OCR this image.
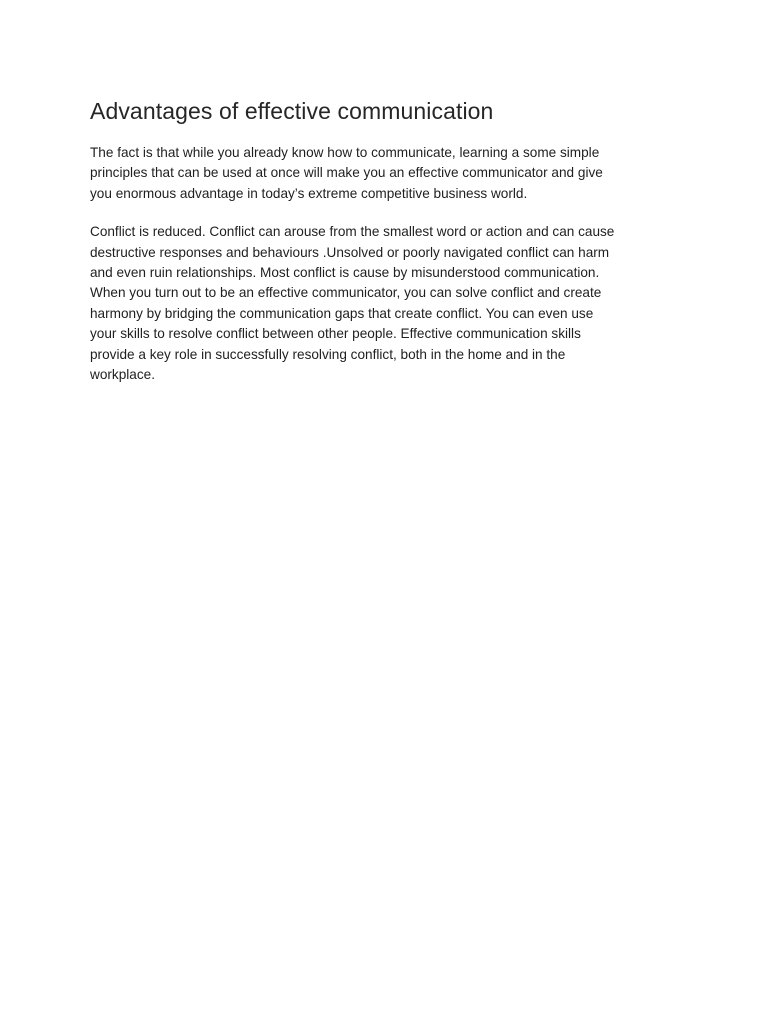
Advantages of effective communication

The fact is that while you already know how to communicate, learning a some simple
principles that can be used at once will make you an effective communicator and give
you enormous advantage in today’s extreme competitive business world.

Conflict is reduced. Conflict can arouse from the smallest word or action and can cause
destructive responses and behaviours .Unsolved or poorly navigated conflict can harm
and even ruin relationships. Most conflict is cause by misunderstood communication.
When you turn out to be an effective communicator, you can solve conflict and create
harmony by bridging the communication gaps that create conflict. You can even use
your skills to resolve conflict between other people. Effective communication skills
provide a key role in successfully resolving conflict, both in the home and in the
workplace.
